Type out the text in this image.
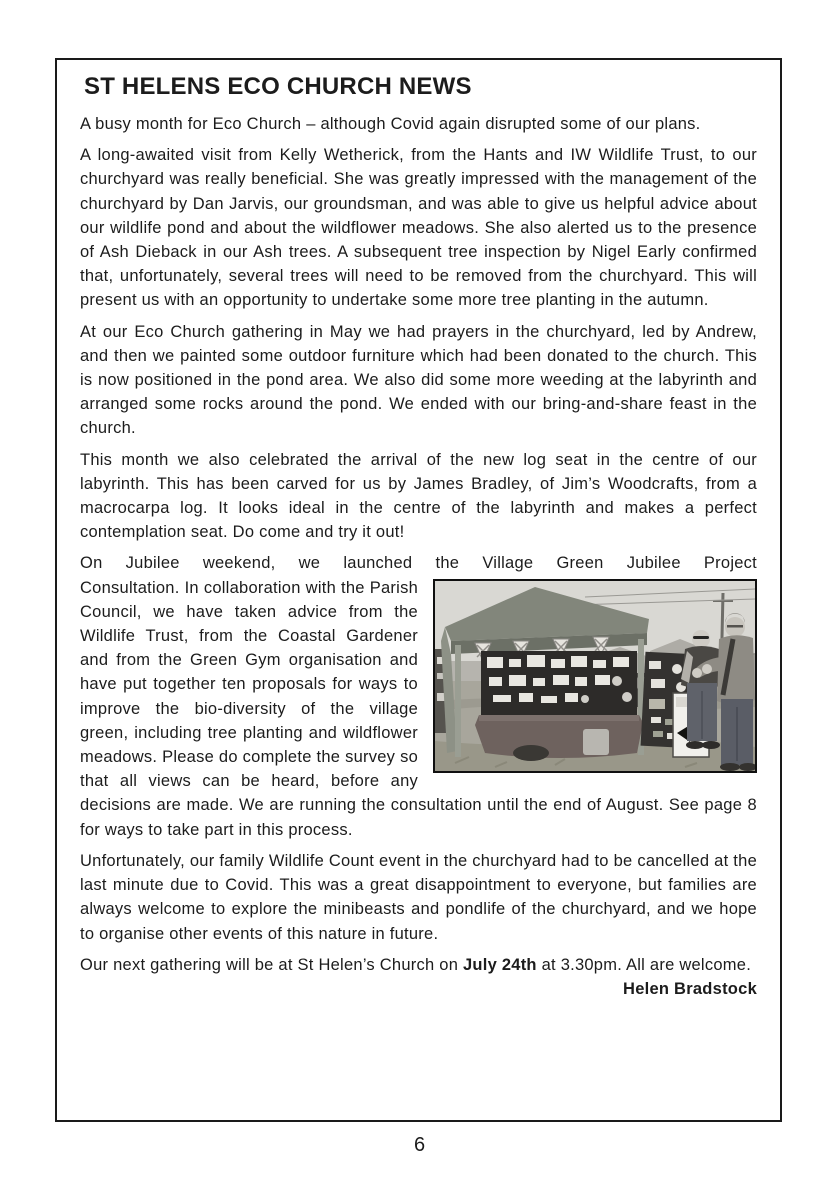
ST HELENS ECO CHURCH NEWS

A busy month for Eco Church – although Covid again disrupted some of our plans.

A long-awaited visit from Kelly Wetherick, from the Hants and IW Wildlife Trust, to our churchyard was really beneficial. She was greatly impressed with the management of the churchyard by Dan Jarvis, our groundsman, and was able to give us helpful advice about our wildlife pond and about the wildflower meadows. She also alerted us to the presence of Ash Dieback in our Ash trees. A subsequent tree inspection by Nigel Early confirmed that, unfortunately, several trees will need to be removed from the churchyard. This will present us with an opportunity to undertake some more tree planting in the autumn.

At our Eco Church gathering in May we had prayers in the churchyard, led by Andrew, and then we painted some outdoor furniture which had been donated to the church. This is now positioned in the pond area. We also did some more weeding at the labyrinth and arranged some rocks around the pond. We ended with our bring-and-share feast in the church.

This month we also celebrated the arrival of the new log seat in the centre of our labyrinth. This has been carved for us by James Bradley, of Jim’s Woodcrafts, from a macrocarpa log. It looks ideal in the centre of the labyrinth and makes a perfect contemplation seat. Do come and try it out!

On Jubilee weekend, we launched the Village Green Jubilee Project
Consultation. In collaboration with the Parish Council, we have taken advice from the Wildlife Trust, from the Coastal Gardener and from the Green Gym organisation and have put together ten proposals for ways to improve the bio-diversity of the village green, including tree planting and wildflower meadows. Please do complete the survey so that all views can be heard, before any decisions are made. We are running the consultation until the end of August. See page 8 for ways to take part in this process.

Unfortunately, our family Wildlife Count event in the churchyard had to be cancelled at the last minute due to Covid. This was a great disappointment to everyone, but families are always welcome to explore the minibeasts and pondlife of the churchyard, and we hope to organise other events of this nature in future.

Our next gathering will be at St Helen’s Church on July 24th at 3.30pm. All are welcome.
Helen Bradstock

6
